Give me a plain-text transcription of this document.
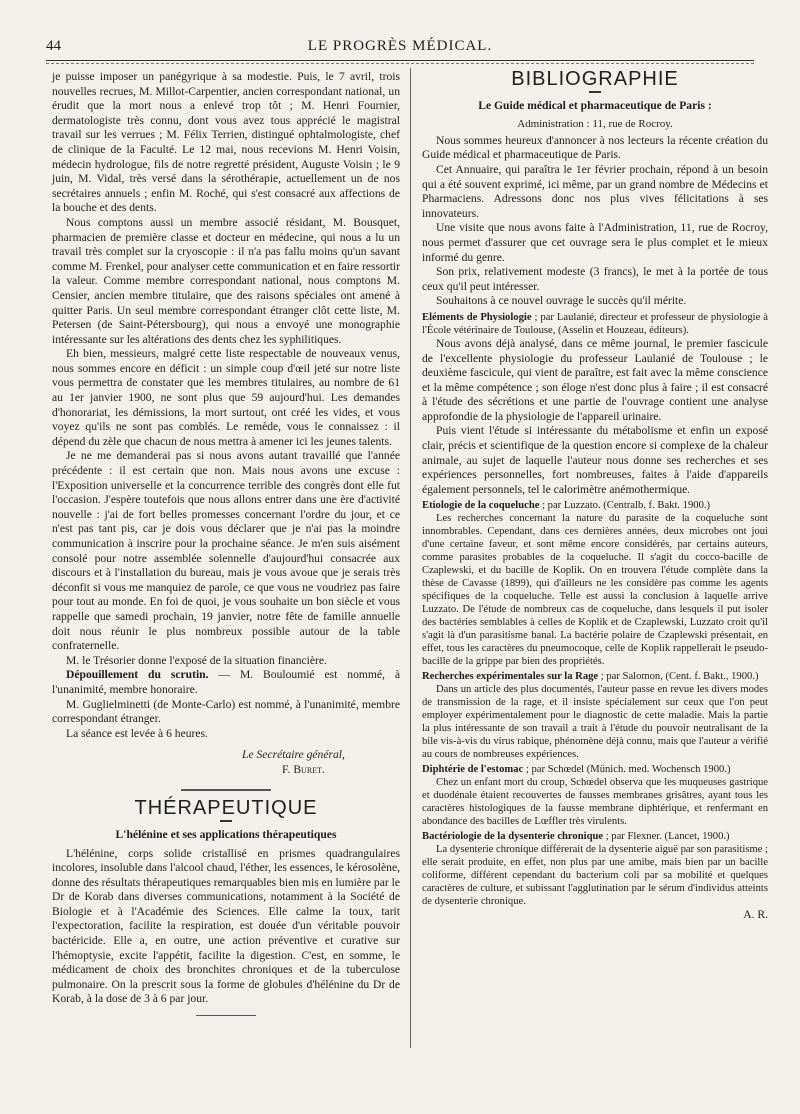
44	LE PROGRÈS MÉDICAL.

je puisse imposer un panégyrique à sa modestie. Puis, le 7 avril, trois nouvelles recrues, M. Millot-Carpentier, ancien correspondant national, un érudit que la mort nous a enlevé trop tôt ; M. Henri Fournier, dermatologiste très connu, dont vous avez tous apprécié le magistral travail sur les verrues ; M. Félix Terrien, distingué ophtalmologiste, chef de clinique de la Faculté. Le 12 mai, nous recevions M. Henri Voisin, médecin hydrologue, fils de notre regretté président, Auguste Voisin ; le 9 juin, M. Vidal, très versé dans la sérothérapie, actuellement un de nos secrétaires annuels ; enfin M. Roché, qui s'est consacré aux affections de la bouche et des dents.

Nous comptons aussi un membre associé résidant, M. Bousquet, pharmacien de première classe et docteur en médecine, qui nous a lu un travail très complet sur la cryoscopie : il n'a pas fallu moins qu'un savant comme M. Frenkel, pour analyser cette communication et en faire ressortir la valeur. Comme membre correspondant national, nous comptons M. Censier, ancien membre titulaire, que des raisons spéciales ont amené à quitter Paris. Un seul membre correspondant étranger clôt cette liste, M. Petersen (de Saint-Pétersbourg), qui nous a envoyé une monographie intéressante sur les altérations des dents chez les syphilitiques.

Eh bien, messieurs, malgré cette liste respectable de nouveaux venus, nous sommes encore en déficit : un simple coup d'œil jeté sur notre liste vous permettra de constater que les membres titulaires, au nombre de 61 au 1er janvier 1900, ne sont plus que 59 aujourd'hui. Les demandes d'honorariat, les démissions, la mort surtout, ont créé les vides, et vous voyez qu'ils ne sont pas comblés. Le remède, vous le connaissez : il dépend du zèle que chacun de nous mettra à amener ici les jeunes talents.

Je ne me demanderai pas si nous avons autant travaillé que l'année précédente : il est certain que non. Mais nous avons une excuse : l'Exposition universelle et la concurrence terrible des congrès dont elle fut l'occasion. J'espère toutefois que nous allons entrer dans une ère d'activité nouvelle : j'ai de fort belles promesses concernant l'ordre du jour, et ce n'est pas tant pis, car je dois vous déclarer que je n'ai pas la moindre communication à inscrire pour la prochaine séance. Je m'en suis aisément consolé pour notre assemblée solennelle d'aujourd'hui consacrée aux discours et à l'installation du bureau, mais je vous avoue que je serais très déconfit si vous me manquiez de parole, ce que vous ne voudriez pas faire pour tout au monde. En foi de quoi, je vous souhaite un bon siècle et vous rappelle que samedi prochain, 19 janvier, notre fête de famille annuelle doit nous réunir le plus nombreux possible autour de la table confraternelle.

M. le Trésorier donne l'exposé de la situation financière.

Dépouillement du scrutin. — M. Bouloumié est nommé, à l'unanimité, membre honoraire.

M. Guglielminetti (de Monte-Carlo) est nommé, à l'unanimité, membre correspondant étranger.

La séance est levée à 6 heures.

Le Secrétaire général,
F. Buret.
THÉRAPEUTIQUE
L'hélénine et ses applications thérapeutiques

L'hélénine, corps solide cristallisé en prismes quadrangulaires incolores, insoluble dans l'alcool chaud, l'éther, les essences, le kérosolène, donne des résultats thérapeutiques remarquables bien mis en lumière par le Dr de Korab dans diverses communications, notamment à la Société de Biologie et à l'Académie des Sciences. Elle calme la toux, tarit l'expectoration, facilite la respiration, est douée d'un véritable pouvoir bactéricide. Elle a, en outre, une action préventive et curative sur l'hémoptysie, excite l'appétit, facilite la digestion. C'est, en somme, le médicament de choix des bronchites chroniques et de la tuberculose pulmonaire. On la prescrit sous la forme de globules d'hélénine du Dr de Korab, à la dose de 3 à 6 par jour.

BIBLIOGRAPHIE
Le Guide médical et pharmaceutique de Paris :
Administration : 11, rue de Rocroy.

Nous sommes heureux d'annoncer à nos lecteurs la récente création du Guide médical et pharmaceutique de Paris.

Cet Annuaire, qui paraîtra le 1er février prochain, répond à un besoin qui a été souvent exprimé, ici même, par un grand nombre de Médecins et Pharmaciens. Adressons donc nos plus vives félicitations à ses innovateurs.

Une visite que nous avons faite à l'Administration, 11, rue de Rocroy, nous permet d'assurer que cet ouvrage sera le plus complet et le mieux informé du genre.

Son prix, relativement modeste (3 francs), le met à la portée de tous ceux qu'il peut intéresser.

Souhaitons à ce nouvel ouvrage le succès qu'il mérite.

Eléments de Physiologie ; par Laulanié, directeur et professeur de physiologie à l'École vétérinaire de Toulouse, (Asselin et Houzeau, éditeurs).

Nous avons déjà analysé, dans ce même journal, le premier fascicule de l'excellente physiologie du professeur Laulanié de Toulouse ; le deuxième fascicule, qui vient de paraître, est fait avec la même conscience et la même compétence ; son éloge n'est donc plus à faire ; il est consacré à l'étude des sécrétions et une partie de l'ouvrage contient une analyse approfondie de la physiologie de l'appareil urinaire.

Puis vient l'étude si intéressante du métabolisme et enfin un exposé clair, précis et scientifique de la question encore si complexe de la chaleur animale, au sujet de laquelle l'auteur nous donne ses recherches et ses expériences personnelles, fort nombreuses, faites à l'aide d'appareils également personnels, tel le calorimètre anémothermique.

Etiologie de la coqueluche ; par Luzzato. (Centralb. f. Bakt. 1900.)

Les recherches concernant la nature du parasite de la coqueluche sont innombrables. Cependant, dans ces dernières années, deux microbes ont joui d'une certaine faveur, et sont même encore considérés, par certains auteurs, comme parasites probables de la coqueluche. Il s'agit du cocco-bacille de Czaplewski, et du bacille de Koplik. On en trouvera l'étude complète dans la thèse de Cavasse (1899), qui d'ailleurs ne les considère pas comme les agents spécifiques de la coqueluche. Telle est aussi la conclusion à laquelle arrive Luzzato. De l'étude de nombreux cas de coqueluche, dans lesquels il put isoler des bactéries semblables à celles de Koplik et de Czaplewski, Luzzato croit qu'il s'agit là d'un parasitisme banal. La bactérie polaire de Czaplewski présentait, en effet, tous les caractères du pneumocoque, celle de Koplik rappellerait le pseudo-bacille de la grippe par bien des propriétés.

Recherches expérimentales sur la Rage ; par Salomon, (Cent. f. Bakt., 1900.)

Dans un article des plus documentés, l'auteur passe en revue les divers modes de transmission de la rage, et il insiste spécialement sur ceux que l'on peut employer expérimentalement pour le diagnostic de cette maladie. Mais la partie la plus intéressante de son travail a trait à l'étude du pouvoir neutralisant de la bile vis-à-vis du virus rabique, phénomène déjà connu, mais que l'auteur a vérifié au cours de nombreuses expériences.

Diphtérie de l'estomac ; par Schœdel (Münich. med. Wochensch 1900.)

Chez un enfant mort du croup, Schœdel observa que les muqueuses gastrique et duodénale étaient recouvertes de fausses membranes grisâtres, ayant tous les caractères histologiques de la fausse membrane diphtérique, et renfermant en abondance des bacilles de Lœffler très virulents.

Bactériologie de la dysenterie chronique ; par Flexner. (Lancet, 1900.)

La dysenterie chronique différerait de la dysenterie aiguë par son parasitisme ; elle serait produite, en effet, non plus par une amibe, mais bien par un bacille coliforme, différent cependant du bacterium coli par sa mobilité et quelques caractères de culture, et subissant l'agglutination par le sérum d'individus atteints de dysenterie chronique.

A. R.
